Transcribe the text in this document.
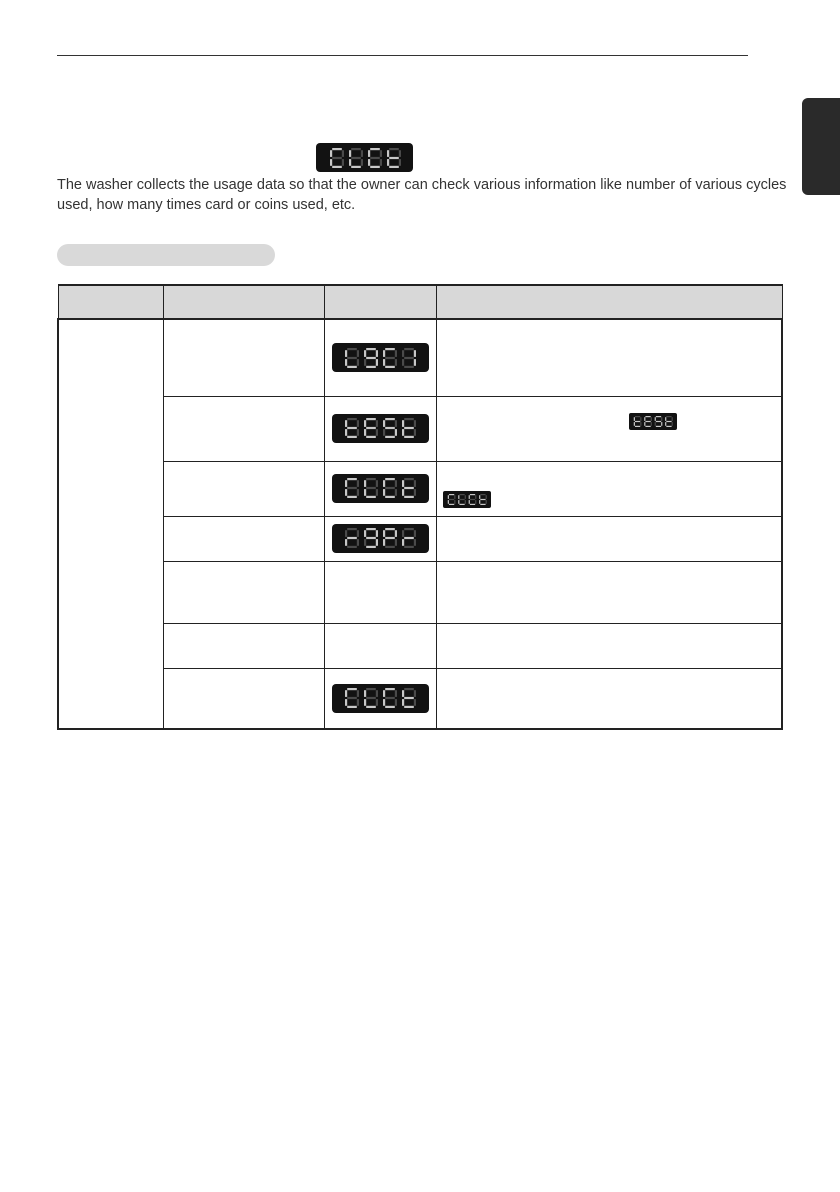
The washer collects the usage data so that the owner can check various information like number of various cycles used, how many times card or coins used, etc.
